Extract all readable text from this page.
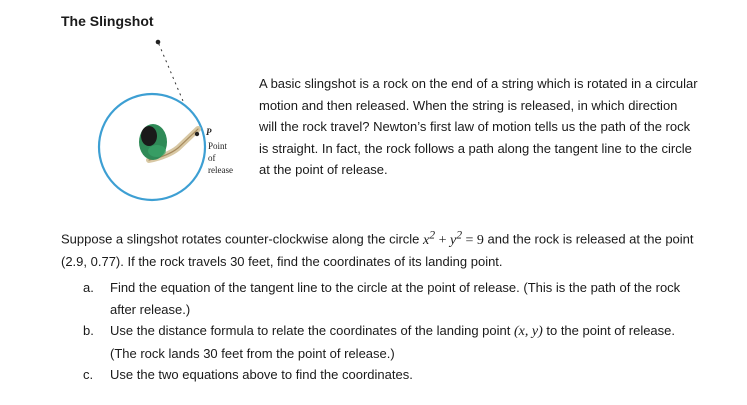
The Slingshot
P
Point
of
release

A basic slingshot is a rock on the end of a string which is rotated in a circular motion and then released. When the string is released, in which direction will the rock travel? Newton’s first law of motion tells us the path of the rock is straight. In fact, the rock follows a path along the tangent line to the circle at the point of release.

Suppose a slingshot rotates counter-clockwise along the circle $x^2 + y^2 = 9$ and the rock is released at the point (2.9, 0.77). If the rock travels 30 feet, find the coordinates of its landing point.

a. Find the equation of the tangent line to the circle at the point of release. (This is the path of the rock after release.)
b. Use the distance formula to relate the coordinates of the landing point (x, y) to the point of release. (The rock lands 30 feet from the point of release.)
c. Use the two equations above to find the coordinates.
